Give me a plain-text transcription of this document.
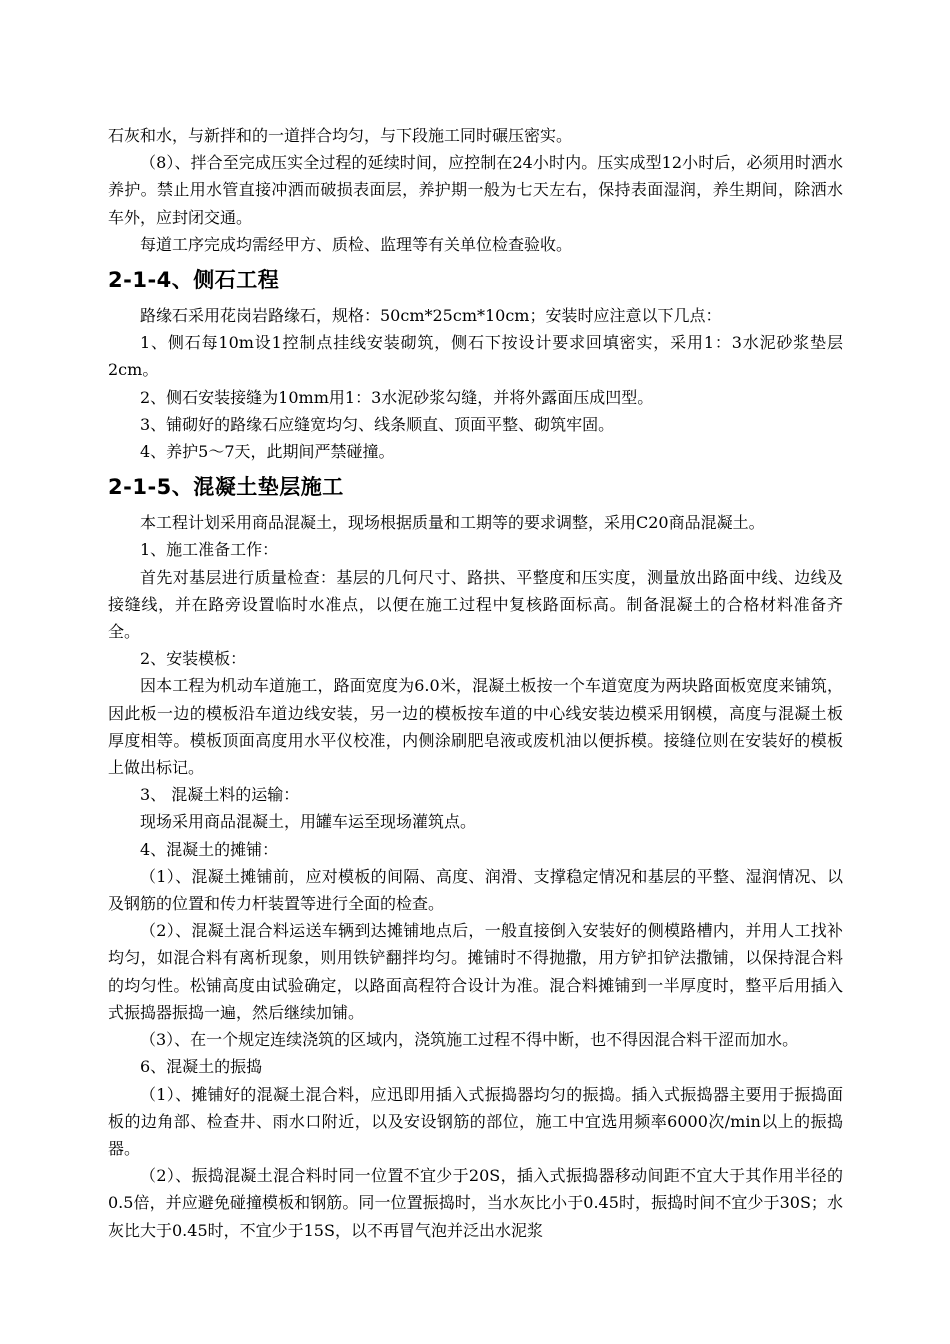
石灰和水，与新拌和的一道拌合均匀，与下段施工同时碾压密实。

（8）、拌合至完成压实全过程的延续时间，应控制在24小时内。压实成型12小时后，必须用时洒水养护。禁止用水管直接冲洒而破损表面层，养护期一般为七天左右，保持表面湿润，养生期间，除洒水车外，应封闭交通。

每道工序完成均需经甲方、质检、监理等有关单位检查验收。

2-1-4、侧石工程

路缘石采用花岗岩路缘石，规格：50cm*25cm*10cm；安装时应注意以下几点：

1、侧石每10m设1控制点挂线安装砌筑，侧石下按设计要求回填密实，采用1：3水泥砂浆垫层2cm。

2、侧石安装接缝为10mm用1：3水泥砂浆勾缝，并将外露面压成凹型。

3、铺砌好的路缘石应缝宽均匀、线条顺直、顶面平整、砌筑牢固。

4、养护5～7天，此期间严禁碰撞。

2-1-5、混凝土垫层施工

本工程计划采用商品混凝土，现场根据质量和工期等的要求调整，采用C20商品混凝土。

1、施工准备工作：

首先对基层进行质量检查：基层的几何尺寸、路拱、平整度和压实度，测量放出路面中线、边线及接缝线，并在路旁设置临时水准点，以便在施工过程中复核路面标高。制备混凝土的合格材料准备齐全。

2、安装模板：

因本工程为机动车道施工，路面宽度为6.0米，混凝土板按一个车道宽度为两块路面板宽度来铺筑，因此板一边的模板沿车道边线安装，另一边的模板按车道的中心线安装边模采用钢模，高度与混凝土板厚度相等。模板顶面高度用水平仪校准，内侧涂刷肥皂液或废机油以便拆模。接缝位则在安装好的模板上做出标记。

3、 混凝土料的运输：

现场采用商品混凝土，用罐车运至现场灌筑点。

4、混凝土的摊铺：

（1）、混凝土摊铺前，应对模板的间隔、高度、润滑、支撑稳定情况和基层的平整、湿润情况、以及钢筋的位置和传力杆装置等进行全面的检查。

（2）、混凝土混合料运送车辆到达摊铺地点后，一般直接倒入安装好的侧模路槽内，并用人工找补均匀，如混合料有离析现象，则用铁铲翻拌均匀。摊铺时不得抛撒，用方铲扣铲法撒铺，以保持混合料的均匀性。松铺高度由试验确定，以路面高程符合设计为准。混合料摊铺到一半厚度时，整平后用插入式振捣器振捣一遍，然后继续加铺。

（3）、在一个规定连续浇筑的区域内，浇筑施工过程不得中断，也不得因混合料干涩而加水。

6、混凝土的振捣

（1）、摊铺好的混凝土混合料，应迅即用插入式振捣器均匀的振捣。插入式振捣器主要用于振捣面板的边角部、检查井、雨水口附近，以及安设钢筋的部位，施工中宜选用频率6000次/min以上的振捣器。

（2）、振捣混凝土混合料时同一位置不宜少于20S，插入式振捣器移动间距不宜大于其作用半径的0.5倍，并应避免碰撞模板和钢筋。同一位置振捣时，当水灰比小于0.45时，振捣时间不宜少于30S；水灰比大于0.45时，不宜少于15S，以不再冒气泡并泛出水泥浆
